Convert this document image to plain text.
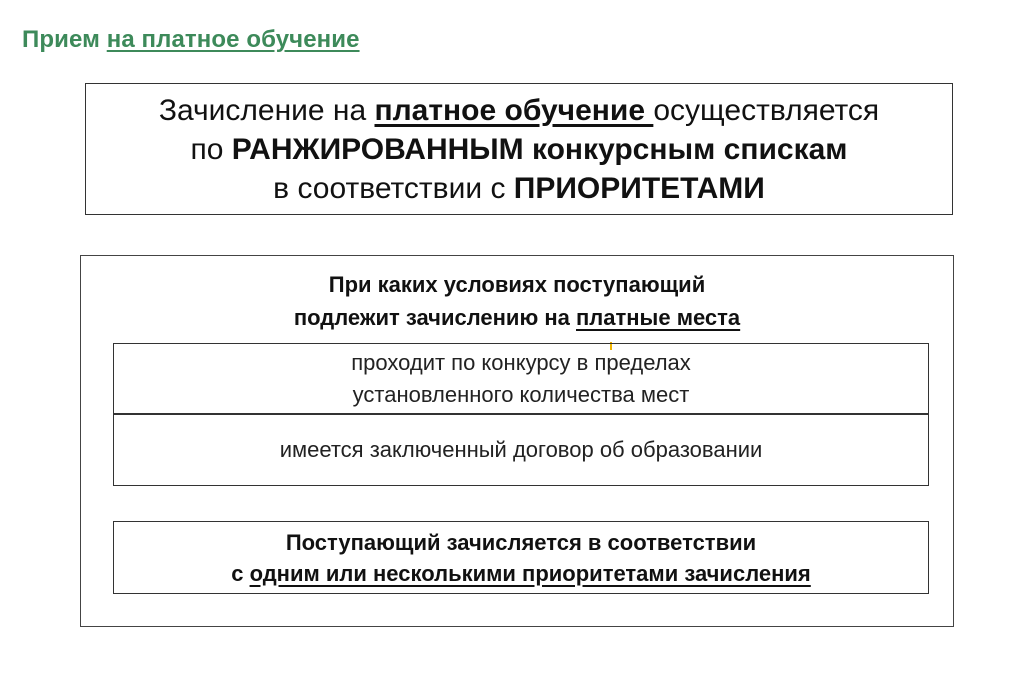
Прием на платное обучение
Зачисление на платное обучение осуществляется
по РАНЖИРОВАННЫМ конкурсным спискам
в соответствии с ПРИОРИТЕТАМИ
При каких условиях поступающий
подлежит зачислению на платные места
проходит по конкурсу в пределах
установленного количества мест
имеется заключенный договор об образовании
Поступающий зачисляется в соответствии
с одним или несколькими приоритетами зачисления
